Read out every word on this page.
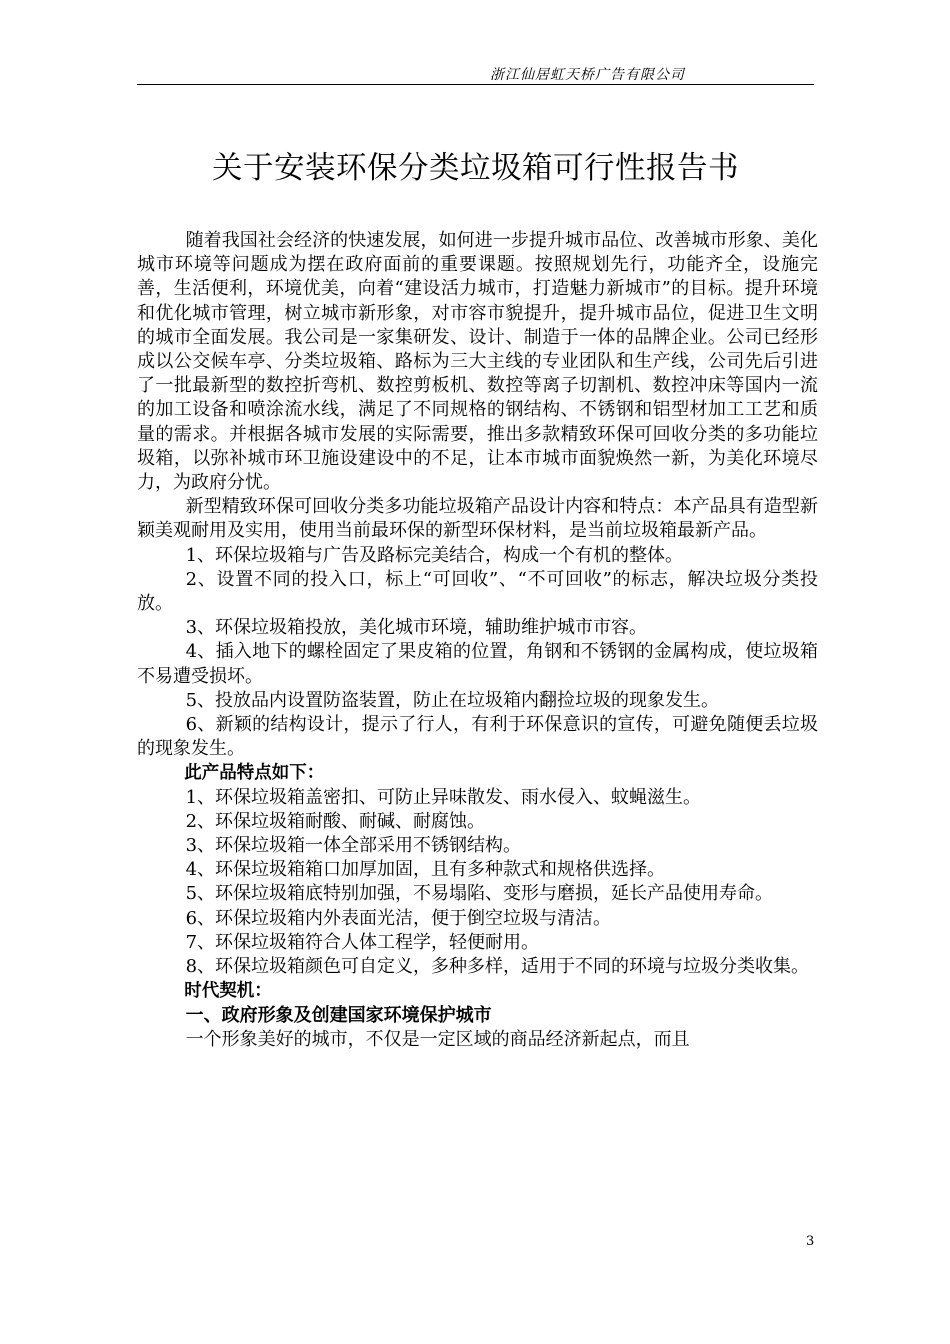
浙江仙居虹天桥广告有限公司
关于安装环保分类垃圾箱可行性报告书

随着我国社会经济的快速发展，如何进一步提升城市品位、改善城市形象、美化城市环境等问题成为摆在政府面前的重要课题。按照规划先行，功能齐全，设施完善，生活便利，环境优美，向着“建设活力城市，打造魅力新城市”的目标。提升环境和优化城市管理，树立城市新形象，对市容市貌提升，提升城市品位，促进卫生文明的城市全面发展。我公司是一家集研发、设计、制造于一体的品牌企业。公司已经形成以公交候车亭、分类垃圾箱、路标为三大主线的专业团队和生产线，公司先后引进了一批最新型的数控折弯机、数控剪板机、数控等离子切割机、数控冲床等国内一流的加工设备和喷涂流水线，满足了不同规格的钢结构、不锈钢和铝型材加工工艺和质量的需求。并根据各城市发展的实际需要，推出多款精致环保可回收分类的多功能垃圾箱，以弥补城市环卫施设建设中的不足，让本市城市面貌焕然一新，为美化环境尽力，为政府分忧。

新型精致环保可回收分类多功能垃圾箱产品设计内容和特点：本产品具有造型新颖美观耐用及实用，使用当前最环保的新型环保材料，是当前垃圾箱最新产品。

1、环保垃圾箱与广告及路标完美结合，构成一个有机的整体。

2、设置不同的投入口，标上“可回收”、“不可回收”的标志，解决垃圾分类投放。

3、环保垃圾箱投放，美化城市环境，辅助维护城市市容。

4、插入地下的螺栓固定了果皮箱的位置，角钢和不锈钢的金属构成，使垃圾箱不易遭受损坏。

5、投放品内设置防盗装置，防止在垃圾箱内翻捡垃圾的现象发生。

6、新颖的结构设计，提示了行人，有利于环保意识的宣传，可避免随便丢垃圾的现象发生。

此产品特点如下：

1、环保垃圾箱盖密扣、可防止异味散发、雨水侵入、蚊蝇滋生。

2、环保垃圾箱耐酸、耐碱、耐腐蚀。

3、环保垃圾箱一体全部采用不锈钢结构。

4、环保垃圾箱箱口加厚加固，且有多种款式和规格供选择。

5、环保垃圾箱底特别加强，不易塌陷、变形与磨损，延长产品使用寿命。

6、环保垃圾箱内外表面光洁，便于倒空垃圾与清洁。

7、环保垃圾箱符合人体工程学，轻便耐用。

8、环保垃圾箱颜色可自定义，多种多样，适用于不同的环境与垃圾分类收集。

时代契机：

一、政府形象及创建国家环境保护城市

一个形象美好的城市，不仅是一定区域的商品经济新起点，而且

3
